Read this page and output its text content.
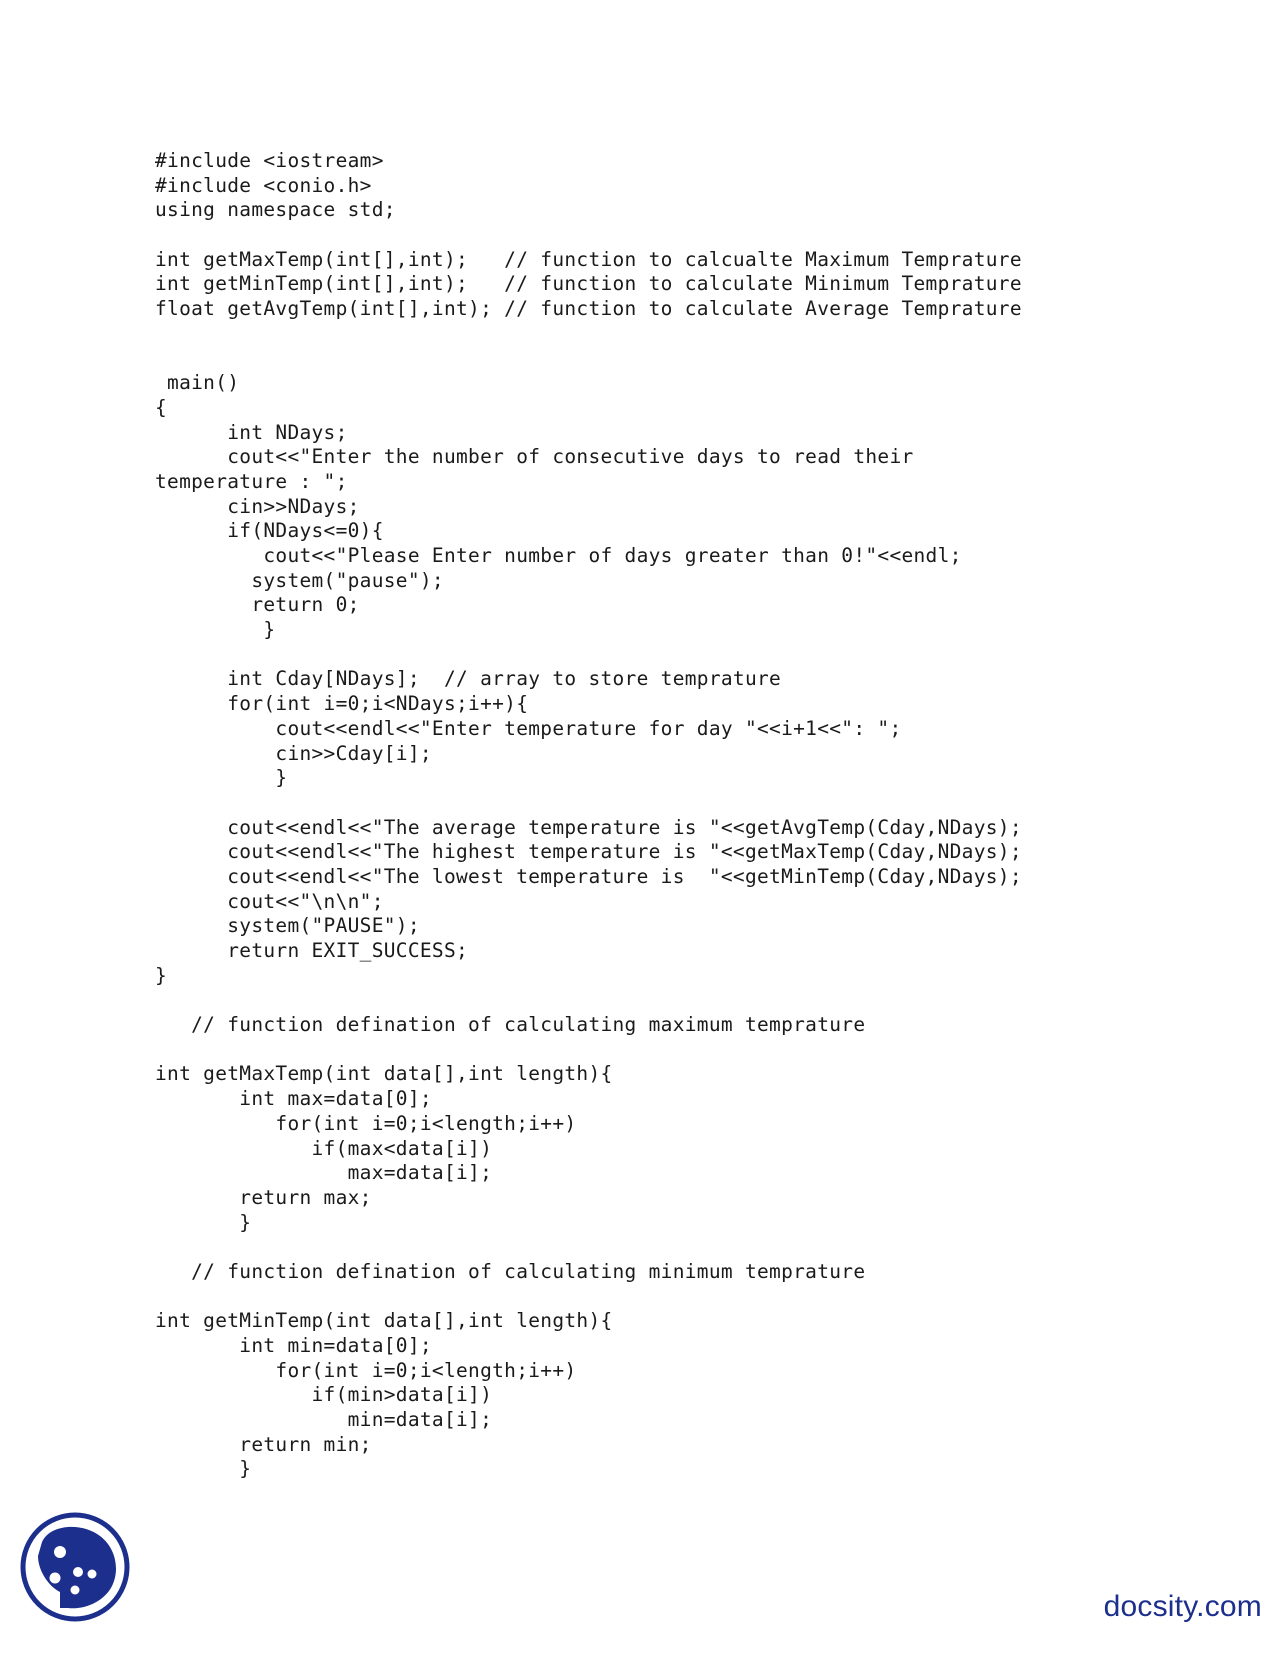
#include <iostream>
#include <conio.h>
using namespace std;
int getMaxTemp(int[],int);   // function to calcualte Maximum Temprature
int getMinTemp(int[],int);   // function to calculate Minimum Temprature
float getAvgTemp(int[],int); // function to calculate Average Temprature
main()
{
int NDays;
cout<<"Enter the number of consecutive days to read their
temperature : ";
cin>>NDays;
if(NDays<=0){
cout<<"Please Enter number of days greater than 0!"<<endl;
system("pause");
return 0;
}
int Cday[NDays];  // array to store temprature
for(int i=0;i<NDays;i++){
cout<<endl<<"Enter temperature for day "<<i+1<<": ";
cin>>Cday[i];
}
cout<<endl<<"The average temperature is "<<getAvgTemp(Cday,NDays);
cout<<endl<<"The highest temperature is "<<getMaxTemp(Cday,NDays);
cout<<endl<<"The lowest temperature is  "<<getMinTemp(Cday,NDays);
cout<<"\n\n";
system("PAUSE");
return EXIT_SUCCESS;
}
// function defination of calculating maximum temprature
int getMaxTemp(int data[],int length){
int max=data[0];
for(int i=0;i<length;i++)
if(max<data[i])
max=data[i];
return max;
}
// function defination of calculating minimum temprature
int getMinTemp(int data[],int length){
int min=data[0];
for(int i=0;i<length;i++)
if(min>data[i])
min=data[i];
return min;
}
docsity.com
